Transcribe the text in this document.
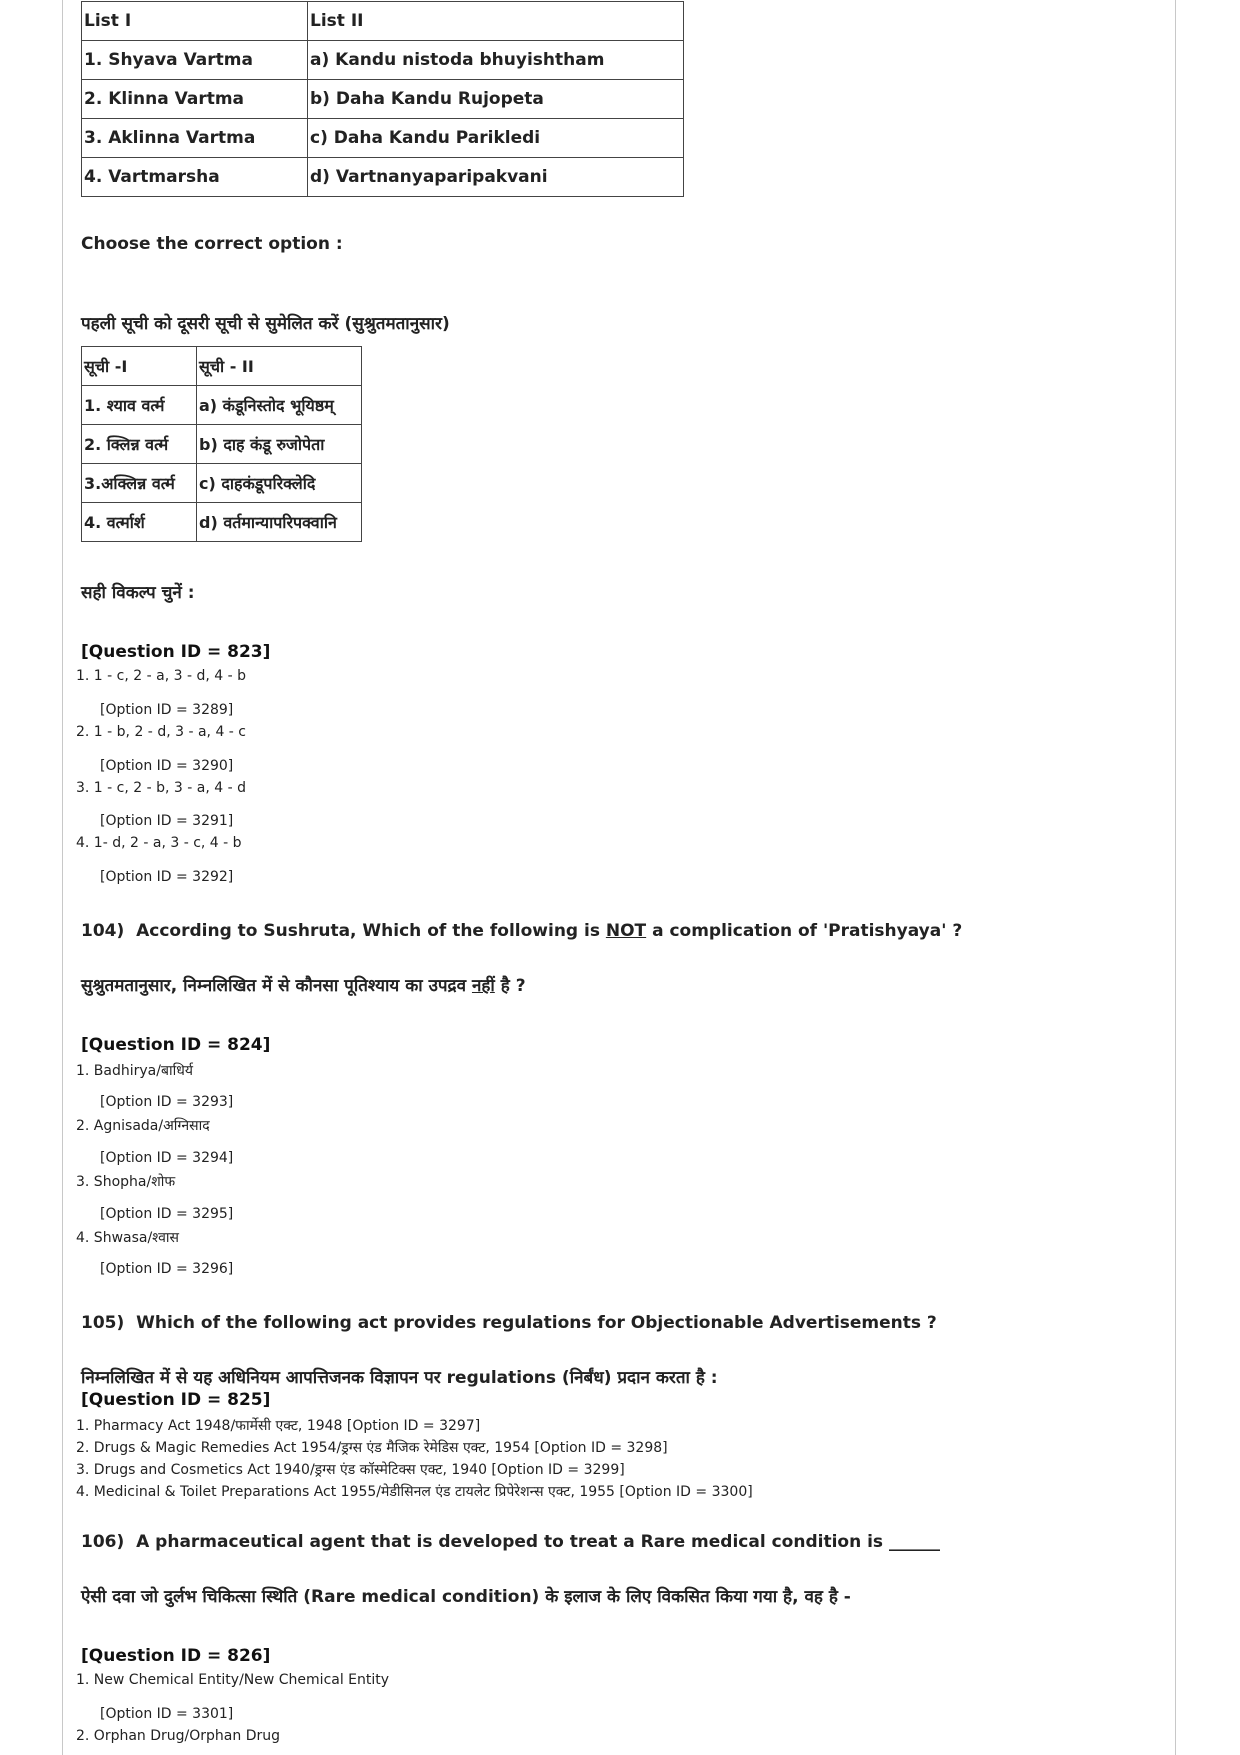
List I	List II
1. Shyava Vartma	a) Kandu nistoda bhuyishtham
2. Klinna Vartma	b) Daha Kandu Rujopeta
3. Aklinna Vartma	c) Daha Kandu Parikledi
4. Vartmarsha	d) Vartnanyaparipakvani
Choose the correct option :
पहली सूची को दूसरी सूची से सुमेलित करें (सुश्रुतमतानुसार)
सूची -I	सूची - II
1. श्याव वर्त्म	a) कंडूनिस्तोद भूयिष्ठम्
2. क्लिन्न वर्त्म	b) दाह कंडू रुजोपेता
3.अक्लिन्न वर्त्म	c) दाहकंडूपरिक्लेदि
4. वर्त्मार्श	d) वर्तमान्यापरिपक्वानि
सही विकल्प चुनें :
[Question ID = 823]
1. 1 - c, 2 - a, 3 - d, 4 - b
[Option ID = 3289]
2. 1 - b, 2 - d, 3 - a, 4 - c
[Option ID = 3290]
3. 1 - c, 2 - b, 3 - a, 4 - d
[Option ID = 3291]
4. 1- d, 2 - a, 3 - c, 4 - b
[Option ID = 3292]
104) According to Sushruta, Which of the following is NOT a complication of 'Pratishyaya' ?
सुश्रुतमतानुसार, निम्नलिखित में से कौनसा पूतिश्याय का उपद्रव नहीं है ?
[Question ID = 824]
1. Badhirya/बाधिर्य
[Option ID = 3293]
2. Agnisada/अग्निसाद
[Option ID = 3294]
3. Shopha/शोफ
[Option ID = 3295]
4. Shwasa/श्वास
[Option ID = 3296]
105) Which of the following act provides regulations for Objectionable Advertisements ?
निम्नलिखित में से यह अधिनियम आपत्तिजनक विज्ञापन पर regulations (निर्बंध) प्रदान करता है :
[Question ID = 825]
1. Pharmacy Act 1948/फार्मेसी एक्ट, 1948 [Option ID = 3297]
2. Drugs & Magic Remedies Act 1954/ड्रग्स एंड मैजिक रेमेडिस एक्ट, 1954 [Option ID = 3298]
3. Drugs and Cosmetics Act 1940/ड्रग्स एंड कॉस्मेटिक्स एक्ट, 1940 [Option ID = 3299]
4. Medicinal & Toilet Preparations Act 1955/मेडीसिनल एंड टायलेट प्रिपेरेशन्स एक्ट, 1955 [Option ID = 3300]
106) A pharmaceutical agent that is developed to treat a Rare medical condition is ______
ऐसी दवा जो दुर्लभ चिकित्सा स्थिति (Rare medical condition) के इलाज के लिए विकसित किया गया है, वह है -
[Question ID = 826]
1. New Chemical Entity/New Chemical Entity
[Option ID = 3301]
2. Orphan Drug/Orphan Drug
